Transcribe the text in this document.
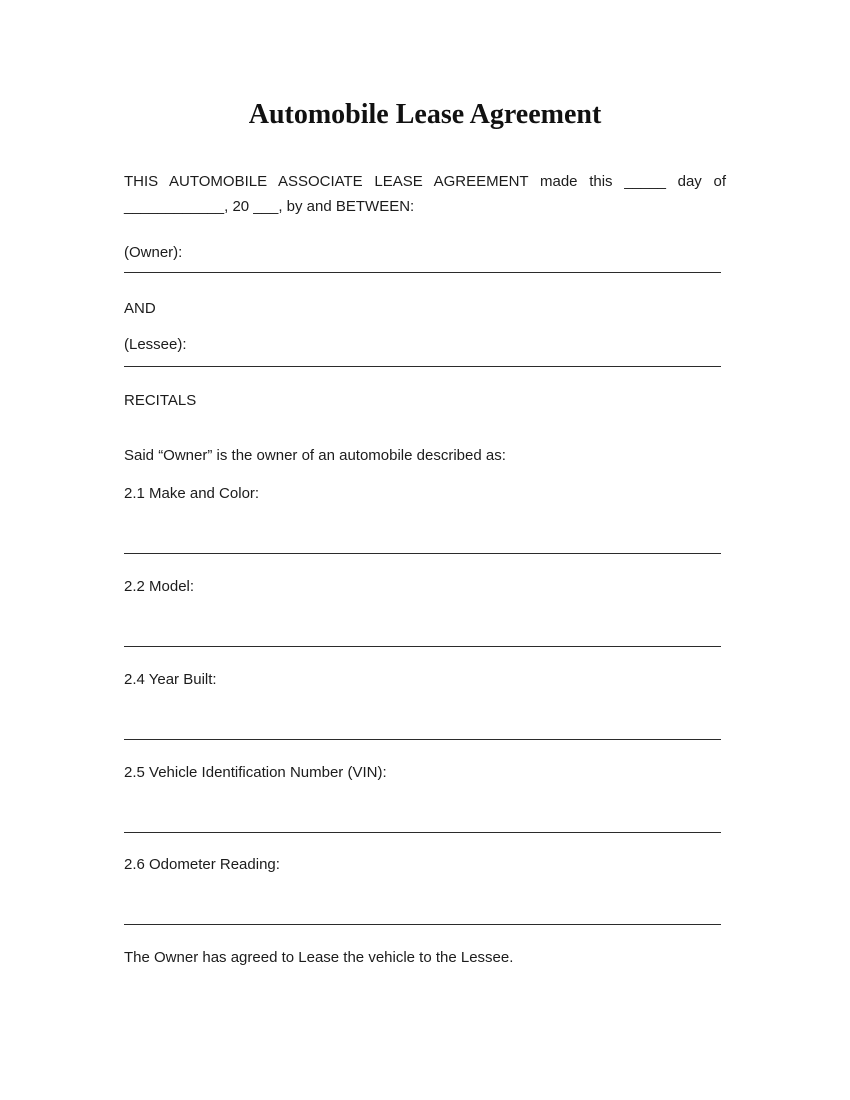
Automobile Lease Agreement

THIS AUTOMOBILE ASSOCIATE LEASE AGREEMENT made this _____ day of ____________, 20 ___, by and BETWEEN:

(Owner):
AND
(Lessee):
RECITALS
Said “Owner” is the owner of an automobile described as:
2.1 Make and Color:
2.2 Model:
2.4 Year Built:
2.5 Vehicle Identification Number (VIN):
2.6 Odometer Reading:
The Owner has agreed to Lease the vehicle to the Lessee.
